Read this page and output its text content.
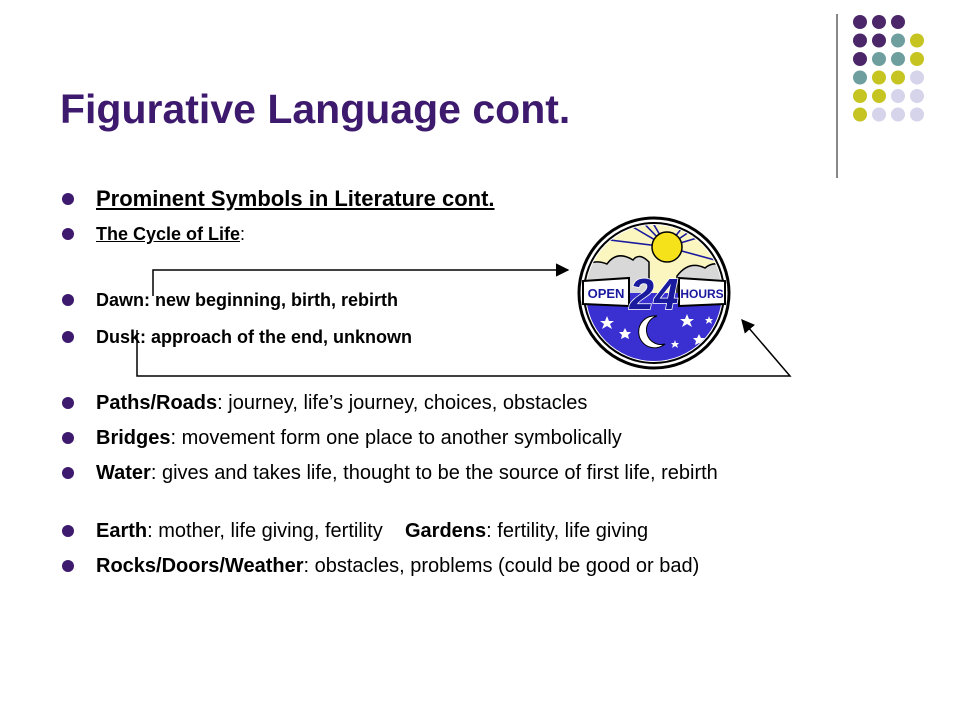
Figurative Language cont.
Prominent Symbols in Literature cont.
The Cycle of Life:
Dawn: new beginning, birth, rebirth
Dusk: approach of the end, unknown
Paths/Roads: journey, life’s journey, choices, obstacles
Bridges: movement form one place to another symbolically
Water: gives and takes life, thought to be the source of first life, rebirth
Earth: mother, life giving, fertility    Gardens: fertility, life giving
Rocks/Doors/Weather: obstacles, problems (could be good or bad)
OPEN	HOURS
24
